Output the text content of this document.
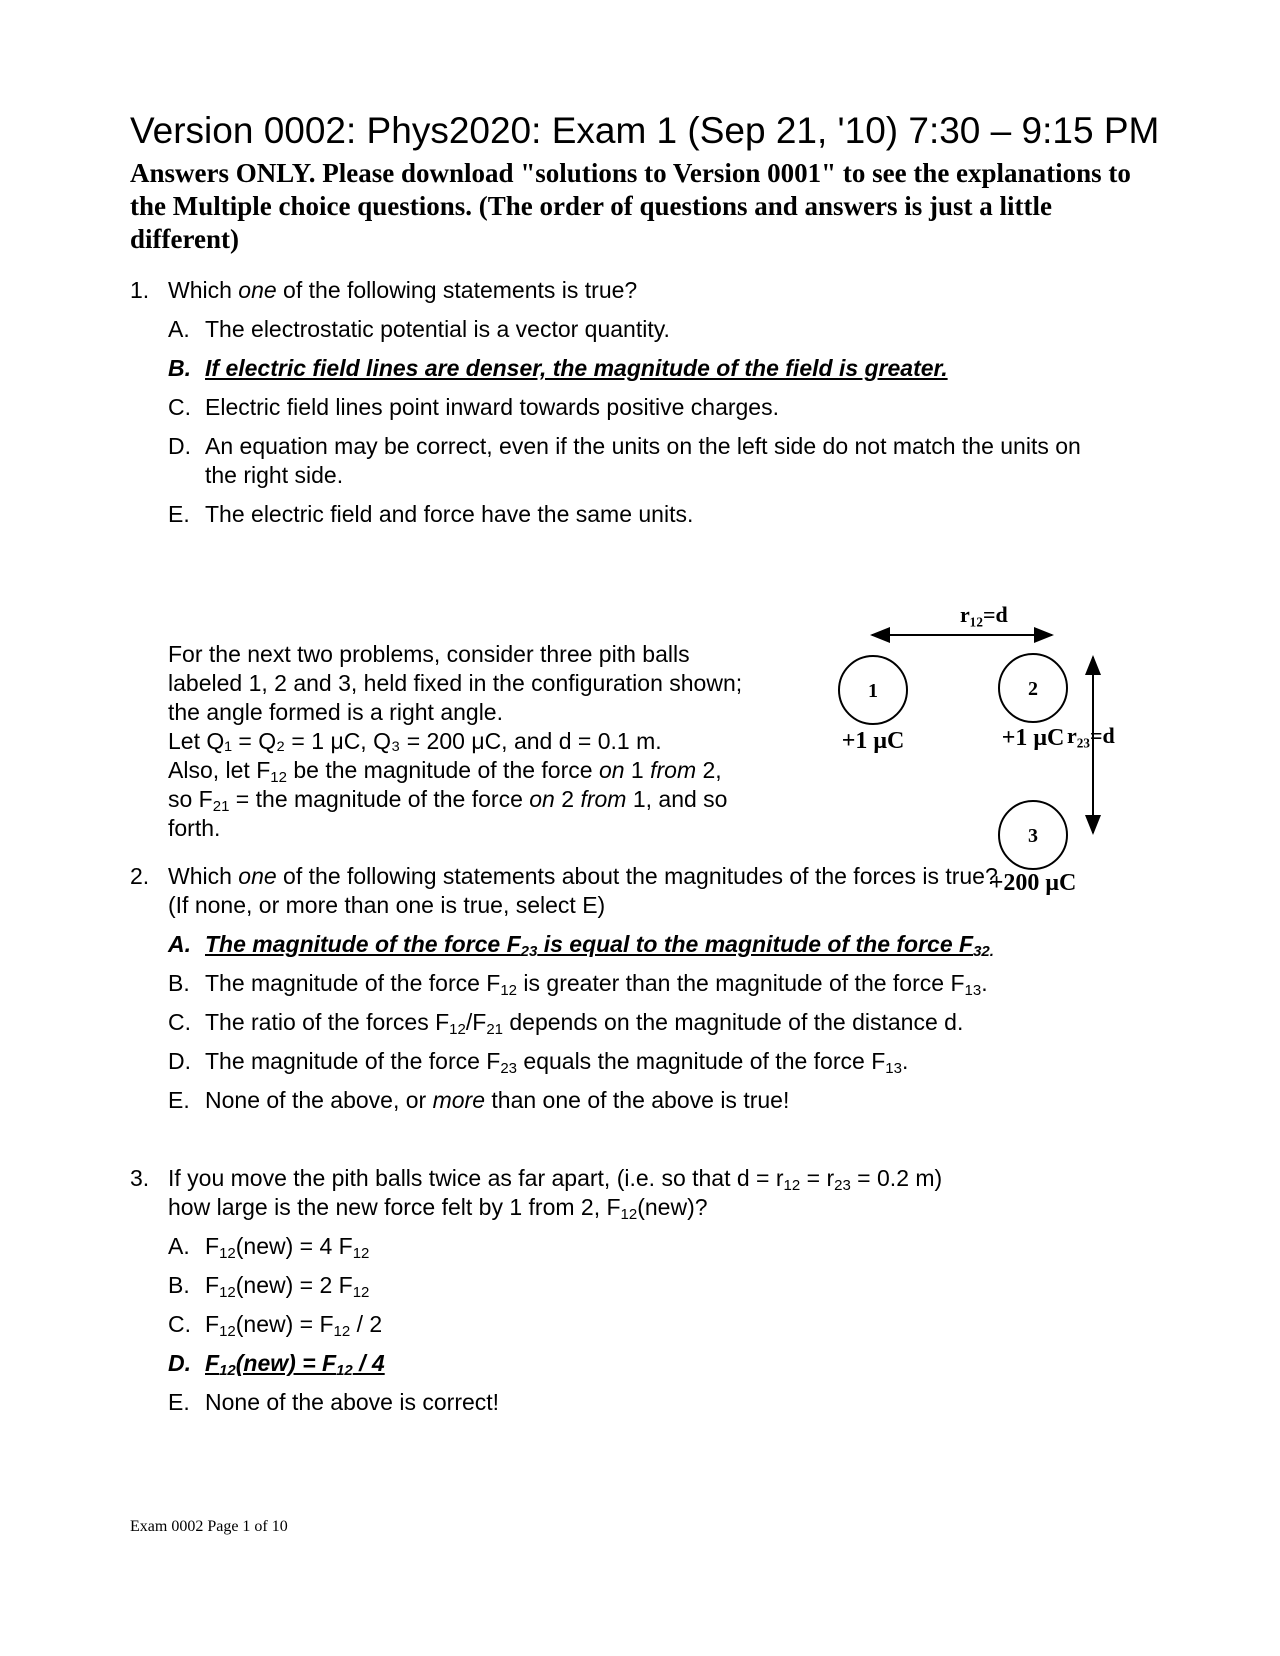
Version 0002: Phys2020: Exam 1 (Sep 21, '10) 7:30 – 9:15 PM
Answers ONLY. Please download "solutions to Version 0001" to see the explanations to the Multiple choice questions. (The order of questions and answers is just a little different)
1. Which one of the following statements is true?
A. The electrostatic potential is a vector quantity.
B. If electric field lines are denser, the magnitude of the field is greater.
C. Electric field lines point inward towards positive charges.
D. An equation may be correct, even if the units on the left side do not match the units on
the right side.
E. The electric field and force have the same units.
For the next two problems, consider three pith balls
labeled 1, 2 and 3, held fixed in the configuration shown;
the angle formed is a right angle.
Let Q₁ = Q₂ = 1 μC, Q₃ = 200 μC, and d = 0.1 m.
Also, let $F_{12}$ be the magnitude of the force on 1 from 2,
so $F_{21}$ = the magnitude of the force on 2 from 1, and so
forth.
r₁₂=d
1
+1 μC
2
+1 μC
3
+200 μC
r₂₃=d
2. Which one of the following statements about the magnitudes of the forces is true?
(If none, or more than one is true, select E)
A. The magnitude of the force $F_{23}$ is equal to the magnitude of the force $F_{32.}$
B. The magnitude of the force $F_{12}$ is greater than the magnitude of the force $F_{13}$.
C. The ratio of the forces $F_{12}/F_{21}$ depends on the magnitude of the distance d.
D. The magnitude of the force $F_{23}$ equals the magnitude of the force $F_{13}$.
E. None of the above, or more than one of the above is true!
3. If you move the pith balls twice as far apart, (i.e. so that $d = r_{12} = r_{23} = 0.2$ m)
how large is the new force felt by 1 from 2, $F_{12}(new)$?
A. $F_{12}(new) = 4$ $F_{12}$
B. $F_{12}(new) = 2$ $F_{12}$
C. $F_{12}(new) = F_{12} / 2$
D. $F_{12}(new) = F_{12} / 4$
E. None of the above is correct!
Exam 0002 Page 1 of 10
